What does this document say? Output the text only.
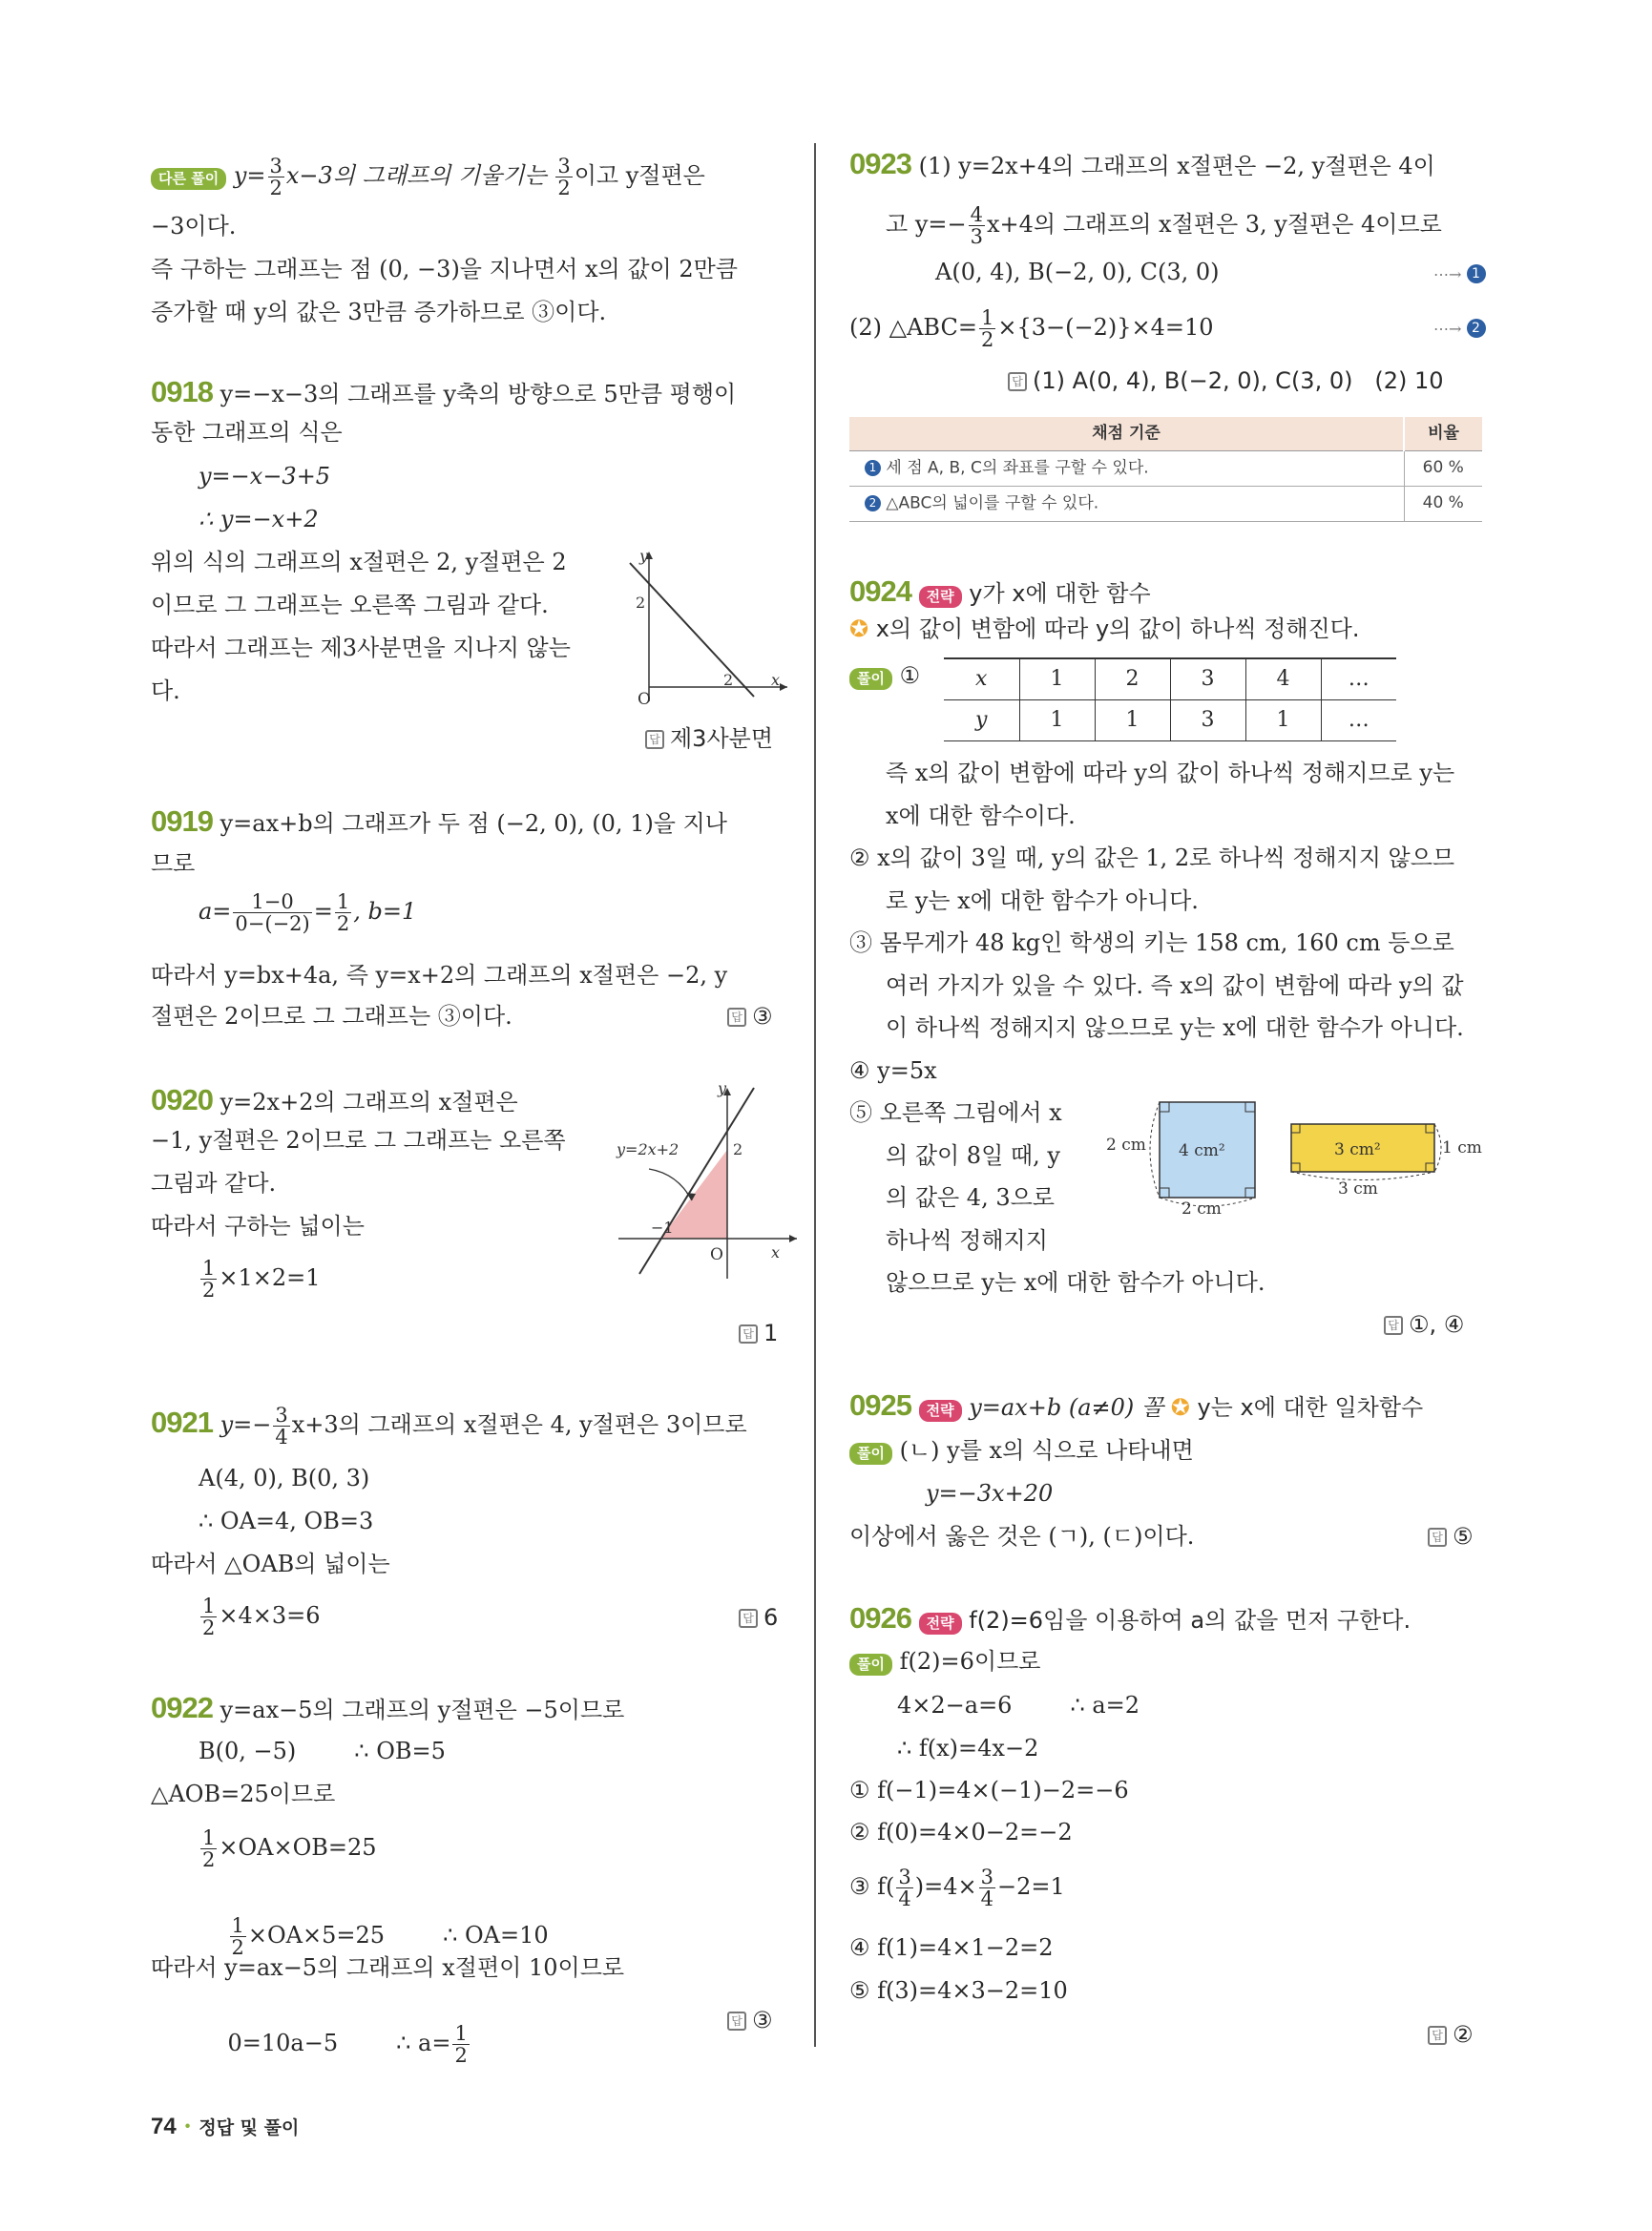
다른 풀이 $y= \frac{3}{2} x-3$의 그래프의 기울기는 $\frac{3}{2}$ 이고 y절편은
−3이다.
즉 구하는 그래프는 점 (0, −3)을 지나면서 x의 값이 2만큼
증가할 때 y의 값은 3만큼 증가하므로 ③이다.
0918 y=−x−3의 그래프를 y축의 방향으로 5만큼 평행이
동한 그래프의 식은
y=−x−3+5
∴ y=−x+2
위의 식의 그래프의 x절편은 2, y절편은 2
이므로 그 그래프는 오른쪽 그림과 같다.
따라서 그래프는 제3사분면을 지나지 않는
다.
y
x
O
2
2
답 제3사분면
0919 y=ax+b의 그래프가 두 점 (−2, 0), (0, 1)을 지나
므로
$a= \frac{1-0}{0-(-2)} = \frac{1}{2}$ , b=1
따라서 y=bx+4a, 즉 y=x+2의 그래프의 x절편은 −2, y
절편은 2이므로 그 그래프는 ③이다.	답 ③
0920 y=2x+2의 그래프의 x절편은
−1, y절편은 2이므로 그 그래프는 오른쪽
그림과 같다.
따라서 구하는 넓이는
$\frac{1}{2} \times 1\times 2=1$
y
x
O
2
−1
y=2x+2
답 1
0921 $y=- \frac{3}{4} x+3$의 그래프의 x절편은 4, y절편은 3이므로
A(4, 0), B(0, 3)
∴ OA=4, OB=3
따라서 △OAB의 넓이는
$\frac{1}{2} \times 4\times 3=6$	답 6
0922 y=ax−5의 그래프의 y절편은 −5이므로
B(0, −5)        ∴ OB=5
△AOB=25이므로
$\frac{1}{2} \times OA\times OB=25$

$\frac{1}{2} \times OA\times 5=25$        ∴ OA=10

따라서 y=ax−5의 그래프의 x절편이 10이므로

0=10a−5        ∴ $a= \frac{1}{2}$

답 ③
0923 (1) y=2x+4의 그래프의 x절편은 −2, y절편은 4이
고 $y=- \frac{4}{3} x+4$의 그래프의 x절편은 3, y절편은 4이므로
A(0, 4), B(−2, 0), C(3, 0)	⋯→ 1
(2) △ABC= $\frac{1}{2} \times\{3-(-2)\}\times 4=10$	⋯→ 2
답 (1) A(0, 4), B(−2, 0), C(3, 0)   (2) 10
채점 기준	비율
1 세 점 A, B, C의 좌표를 구할 수 있다.	60 %
2 △ABC의 넓이를 구할 수 있다.	40 %
0924 전략 y가 x에 대한 함수
✪ x의 값이 변함에 따라 y의 값이 하나씩 정해진다.
풀이 ①	x	1	2	3	4	…
y	1	1	3	1	…
즉 x의 값이 변함에 따라 y의 값이 하나씩 정해지므로 y는
x에 대한 함수이다.
② x의 값이 3일 때, y의 값은 1, 2로 하나씩 정해지지 않으므
로 y는 x에 대한 함수가 아니다.
③ 몸무게가 48 kg인 학생의 키는 158 cm, 160 cm 등으로
여러 가지가 있을 수 있다. 즉 x의 값이 변함에 따라 y의 값
이 하나씩 정해지지 않으므로 y는 x에 대한 함수가 아니다.
④ y=5x
⑤ 오른쪽 그림에서 x
의 값이 8일 때, y
의 값은 4, 3으로
하나씩 정해지지
않으므로 y는 x에 대한 함수가 아니다.
4 cm²
2 cm
2 cm
3 cm²	1 cm
3 cm
답 ①, ④
0925 전략 y=ax+b (a≠0) 꼴 ✪ y는 x에 대한 일차함수
풀이 (ㄴ) y를 x의 식으로 나타내면
y=−3x+20
이상에서 옳은 것은 (ㄱ), (ㄷ)이다.	답 ⑤
0926 전략 f(2)=6임을 이용하여 a의 값을 먼저 구한다.
풀이 f(2)=6이므로
4×2−a=6        ∴ a=2
∴ f(x)=4x−2
① f(−1)=4×(−1)−2=−6
② f(0)=4×0−2=−2
③ $f( \frac{3}{4} )=4\times \frac{3}{4} -2=1$
④ f(1)=4×1−2=2
⑤ f(3)=4×3−2=10
답 ②
74 · 정답 및 풀이
